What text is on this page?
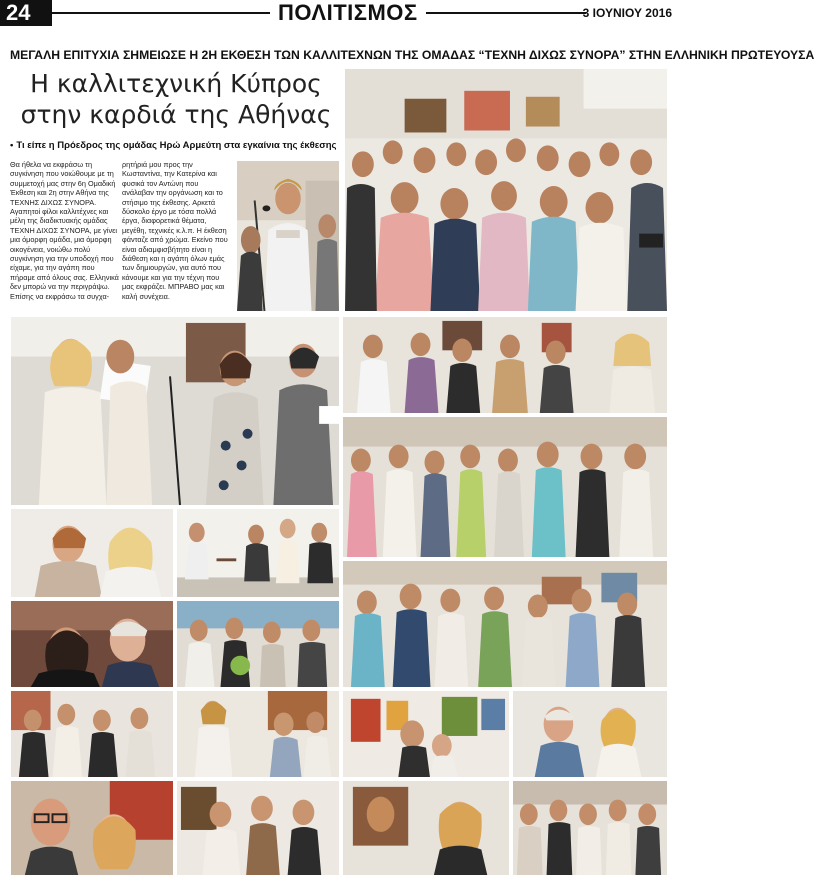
24	ΠΟΛΙΤΙΣΜΟΣ	3 ΙΟΥΝΙΟΥ 2016
ΜΕΓΑΛΗ ΕΠΙΤΥΧΙΑ ΣΗΜΕΙΩΣΕ Η 2Η ΕΚΘΕΣΗ ΤΩΝ ΚΑΛΛΙΤΕΧΝΩΝ ΤΗΣ ΟΜΑΔΑΣ “ΤΕΧΝΗ ΔΙΧΩΣ ΣΥΝΟΡΑ” ΣΤΗΝ ΕΛΛΗΝΙΚΗ ΠΡΩΤΕΥΟΥΣΑ
Η καλλιτεχνική Κύπρος
στην καρδιά της Αθήνας
• Τι είπε η Πρόεδρος της ομάδας Ηρώ Αρμεύτη στα εγκαίνια της έκθεσης

Θα ήθελα να εκφράσω τη συγκίνηση που νοιώθουμε με τη συμμετοχή μας στην 6η Ομαδική Έκθεση και 2η στην Αθήνα της ΤΕΧΝΗΣ ΔΙΧΩΣ ΣΥΝΟΡΑ. Αγαπητοί φίλοι καλλιτέχνες και μέλη της διαδικτυακής ομάδας ΤΕΧΝΗ ΔΙΧΩΣ ΣΥΝΟΡΑ, με γίνει μια όμορφη ομάδα, μια όμορφη οικογένεια, νοιώθω πολύ συγκίνηση για την υποδοχή που είχαμε, για την αγάπη που πήραμε από όλους σας. Ελληνικά δεν μπορώ να την περιγράψω. Επίσης να εκφράσω τα συγχα-

ρητήριά μου προς την Κωσταντίνα, την Κατερίνα και φυσικά τον Αντώνη που ανάλαβαν την οργάνωση και το στήσιμο της έκθεσης. Αρκετά δύσκολο έργο με τόσα πολλά έργα, διαφορετικά θέματα, μεγέθη, τεχνικές κ.λ.π. Η έκθεση φάνταζε από χρώμα. Εκείνο που είναι αδιαμφισβήτητο είναι η διάθεση και η αγάπη όλων εμάς των δημιουργών, για αυτό που κάνουμε και για την τέχνη που μας εκφράζει. ΜΠΡΑΒΟ μας και καλή συνέχεια.
